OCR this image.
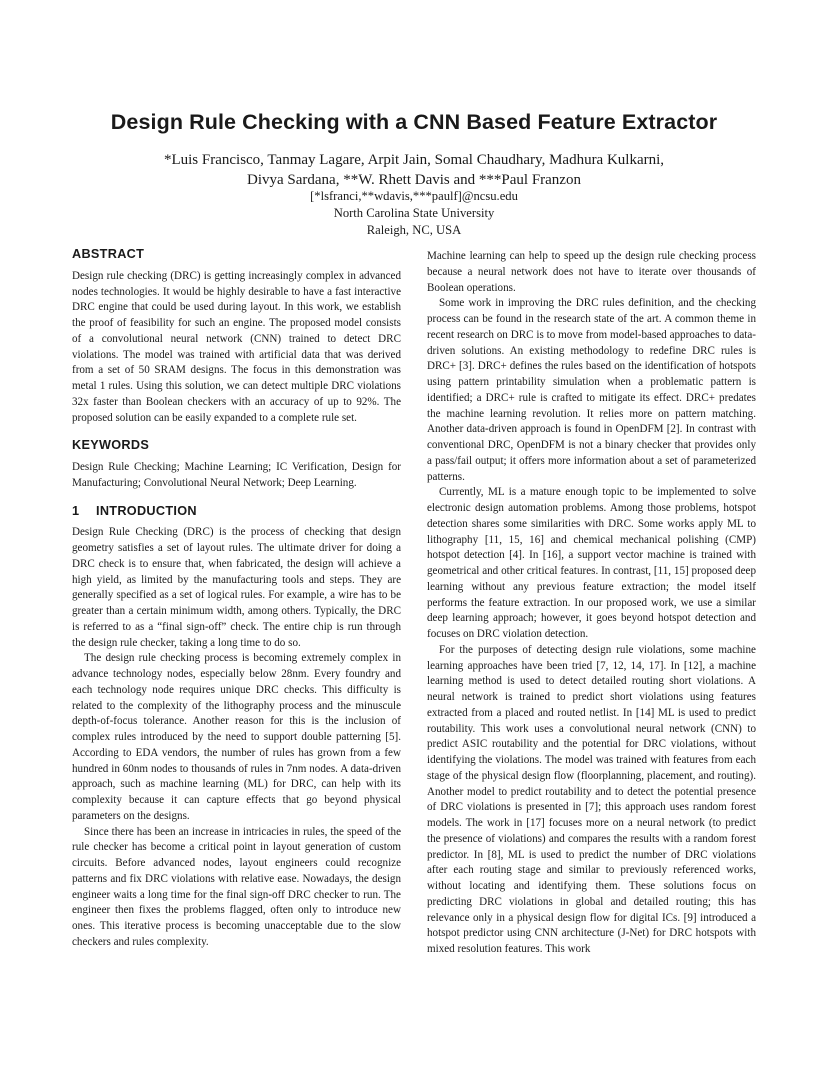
Design Rule Checking with a CNN Based Feature Extractor
*Luis Francisco, Tanmay Lagare, Arpit Jain, Somal Chaudhary, Madhura Kulkarni,
Divya Sardana, **W. Rhett Davis and ***Paul Franzon
[*lsfranci,**wdavis,***paulf]@ncsu.edu
North Carolina State University
Raleigh, NC, USA
ABSTRACT

Design rule checking (DRC) is getting increasingly complex in advanced nodes technologies. It would be highly desirable to have a fast interactive DRC engine that could be used during layout. In this work, we establish the proof of feasibility for such an engine. The proposed model consists of a convolutional neural network (CNN) trained to detect DRC violations. The model was trained with artificial data that was derived from a set of 50 SRAM designs. The focus in this demonstration was metal 1 rules. Using this solution, we can detect multiple DRC violations 32x faster than Boolean checkers with an accuracy of up to 92%. The proposed solution can be easily expanded to a complete rule set.

KEYWORDS

Design Rule Checking; Machine Learning; IC Verification, Design for Manufacturing; Convolutional Neural Network; Deep Learning.

1 INTRODUCTION

Design Rule Checking (DRC) is the process of checking that design geometry satisfies a set of layout rules. The ultimate driver for doing a DRC check is to ensure that, when fabricated, the design will achieve a high yield, as limited by the manufacturing tools and steps. They are generally specified as a set of logical rules. For example, a wire has to be greater than a certain minimum width, among others. Typically, the DRC is referred to as a “final sign-off” check. The entire chip is run through the design rule checker, taking a long time to do so.

The design rule checking process is becoming extremely complex in advance technology nodes, especially below 28nm. Every foundry and each technology node requires unique DRC checks. This difficulty is related to the complexity of the lithography process and the minuscule depth-of-focus tolerance. Another reason for this is the inclusion of complex rules introduced by the need to support double patterning [5]. According to EDA vendors, the number of rules has grown from a few hundred in 60nm nodes to thousands of rules in 7nm nodes. A data-driven approach, such as machine learning (ML) for DRC, can help with its complexity because it can capture effects that go beyond physical parameters on the designs.

Since there has been an increase in intricacies in rules, the speed of the rule checker has become a critical point in layout generation of custom circuits. Before advanced nodes, layout engineers could recognize patterns and fix DRC violations with relative ease. Nowadays, the design engineer waits a long time for the final sign-off DRC checker to run. The engineer then fixes the problems flagged, often only to introduce new ones. This iterative process is becoming unacceptable due to the slow checkers and rules complexity.

Machine learning can help to speed up the design rule checking process because a neural network does not have to iterate over thousands of Boolean operations.

Some work in improving the DRC rules definition, and the checking process can be found in the research state of the art. A common theme in recent research on DRC is to move from model-based approaches to data-driven solutions. An existing methodology to redefine DRC rules is DRC+ [3]. DRC+ defines the rules based on the identification of hotspots using pattern printability simulation when a problematic pattern is identified; a DRC+ rule is crafted to mitigate its effect. DRC+ predates the machine learning revolution. It relies more on pattern matching. Another data-driven approach is found in OpenDFM [2]. In contrast with conventional DRC, OpenDFM is not a binary checker that provides only a pass/fail output; it offers more information about a set of parameterized patterns.

Currently, ML is a mature enough topic to be implemented to solve electronic design automation problems. Among those problems, hotspot detection shares some similarities with DRC. Some works apply ML to lithography [11, 15, 16] and chemical mechanical polishing (CMP) hotspot detection [4]. In [16], a support vector machine is trained with geometrical and other critical features. In contrast, [11, 15] proposed deep learning without any previous feature extraction; the model itself performs the feature extraction. In our proposed work, we use a similar deep learning approach; however, it goes beyond hotspot detection and focuses on DRC violation detection.

For the purposes of detecting design rule violations, some machine learning approaches have been tried [7, 12, 14, 17]. In [12], a machine learning method is used to detect detailed routing short violations. A neural network is trained to predict short violations using features extracted from a placed and routed netlist. In [14] ML is used to predict routability. This work uses a convolutional neural network (CNN) to predict ASIC routability and the potential for DRC violations, without identifying the violations. The model was trained with features from each stage of the physical design flow (floorplanning, placement, and routing). Another model to predict routability and to detect the potential presence of DRC violations is presented in [7]; this approach uses random forest models. The work in [17] focuses more on a neural network (to predict the presence of violations) and compares the results with a random forest predictor. In [8], ML is used to predict the number of DRC violations after each routing stage and similar to previously referenced works, without locating and identifying them. These solutions focus on predicting DRC violations in global and detailed routing; this has relevance only in a physical design flow for digital ICs. [9] introduced a hotspot predictor using CNN architecture (J-Net) for DRC hotspots with mixed resolution features. This work
